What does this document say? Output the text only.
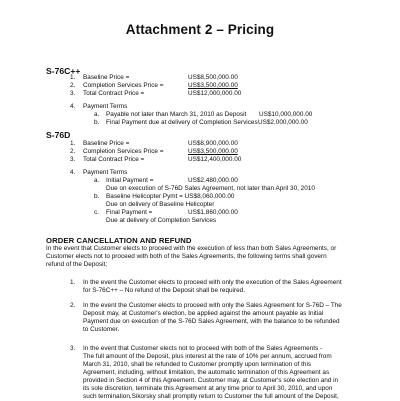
Attachment 2 – Pricing
S-76C++
1. Baseline Price =	US$8,500,000.00
2. Completion Services Price =	US$3,500,000.00
3. Total Contract Price =	US$12,000,000.00
4. Payment Terms
a. Payable not later than March 31, 2010 as Deposit US$10,000,000.00
b. Final Payment due at delivery of Completion Services US$2,000,000.00
S-76D
1. Baseline Price =	US$8,900,000.00
2. Completion Services Price =	US$3,500,000.00
3. Total Contract Price =	US$12,400,000.00
4. Payment Terms
a. Initial Payment =	US$2,480,000.00
Due on execution of S-76D Sales Agreement, not later than April 30, 2010
b. Baseline Helicopter Pymt = US$8,060,000.00
Due on delivery of Baseline Helicopter
c. Final Payment =	US$1,860,000.00
Due at delivery of Completion Services
ORDER CANCELLATION AND REFUND
In the event that Customer elects to proceed with the execution of less than both Sales Agreements, or
Customer elects not to proceed with both of the Sales Agreements, the following terms shall govern
refund of the Deposit;
1. In the event the Customer elects to proceed with only the execution of the Sales Agreement
for S-76C++ – No refund of the Deposit shall be required.
2. In the event the Customer elects to proceed with only the Sales Agreement for S-76D – The
Deposit may, at Customer's election, be applied against the amount payable as Initial
Payment due on execution of the S-76D Sales Agreement, with the balance to be refunded
to Customer.
3. In the event that Customer elects not to proceed with both of the Sales Agreements -
The full amount of the Deposit, plus interest at the rate of 10% per annum, accrued from
March 31, 2010, shall be refunded to Customer promptly upon termination of this
Agreement, including, without limitation, the automatic termination of this Agreement as
provided in Section 4 of this Agreement. Customer may, at Customer's sole election and in
its sole discretion, terminate this Agreement at any time prior to April 30, 2010, and upon
such termination,Sikorsky shall promptly return to Customer the full amount of the Deposit,
